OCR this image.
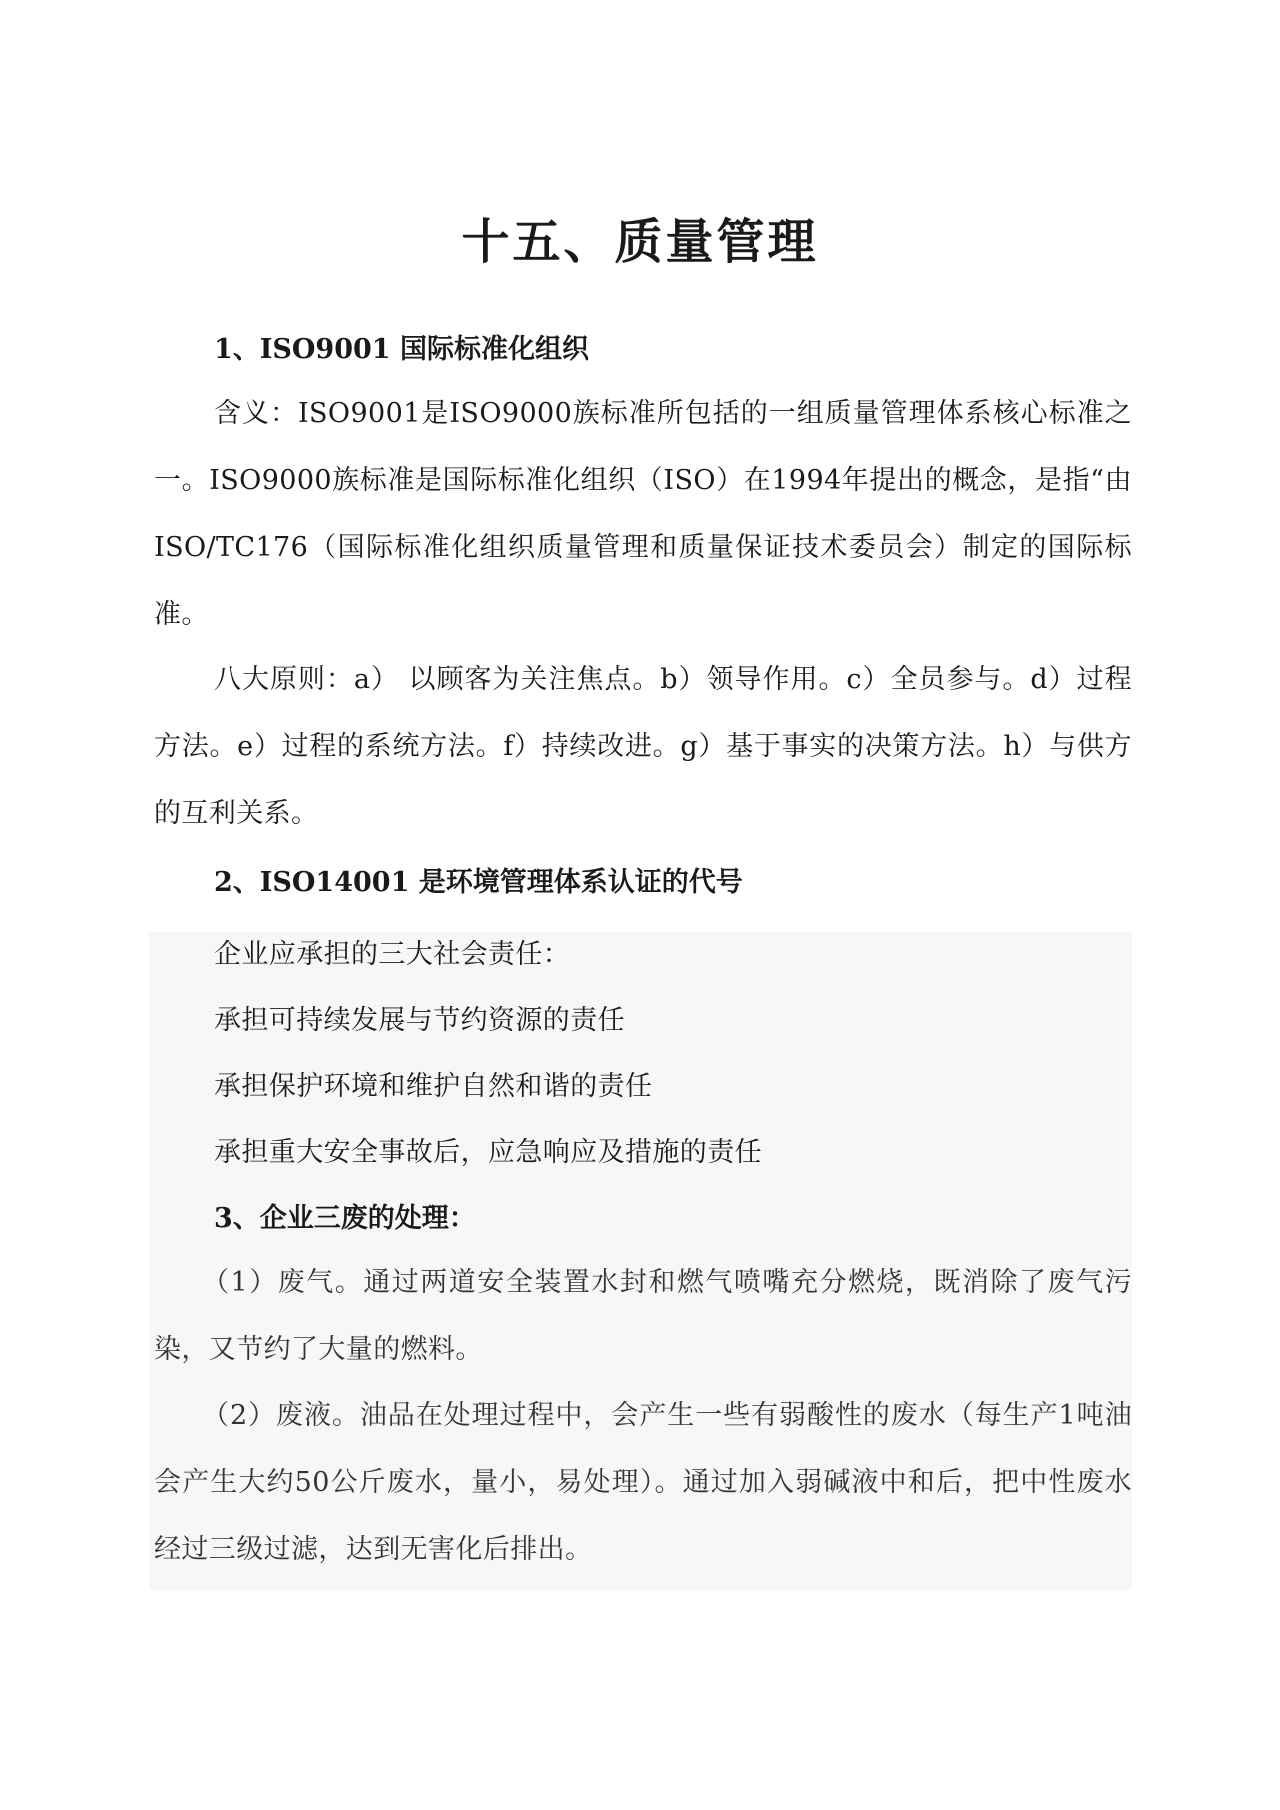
十五、质量管理
1、ISO9001 国际标准化组织
含义：ISO9001是ISO9000族标准所包括的一组质量管理体系核心标准之一。ISO9000族标准是国际标准化组织（ISO）在1994年提出的概念，是指“由ISO/TC176（国际标准化组织质量管理和质量保证技术委员会）制定的国际标准。
八大原则：a） 以顾客为关注焦点。b）领导作用。c）全员参与。d）过程方法。e）过程的系统方法。f）持续改进。g）基于事实的决策方法。h）与供方的互利关系。
2、ISO14001 是环境管理体系认证的代号
企业应承担的三大社会责任：
承担可持续发展与节约资源的责任
承担保护环境和维护自然和谐的责任
承担重大安全事故后，应急响应及措施的责任
3、企业三废的处理：
（1）废气。通过两道安全装置水封和燃气喷嘴充分燃烧，既消除了废气污染，又节约了大量的燃料。
（2）废液。油品在处理过程中，会产生一些有弱酸性的废水（每生产1吨油会产生大约50公斤废水，量小，易处理）。通过加入弱碱液中和后，把中性废水经过三级过滤，达到无害化后排出。
